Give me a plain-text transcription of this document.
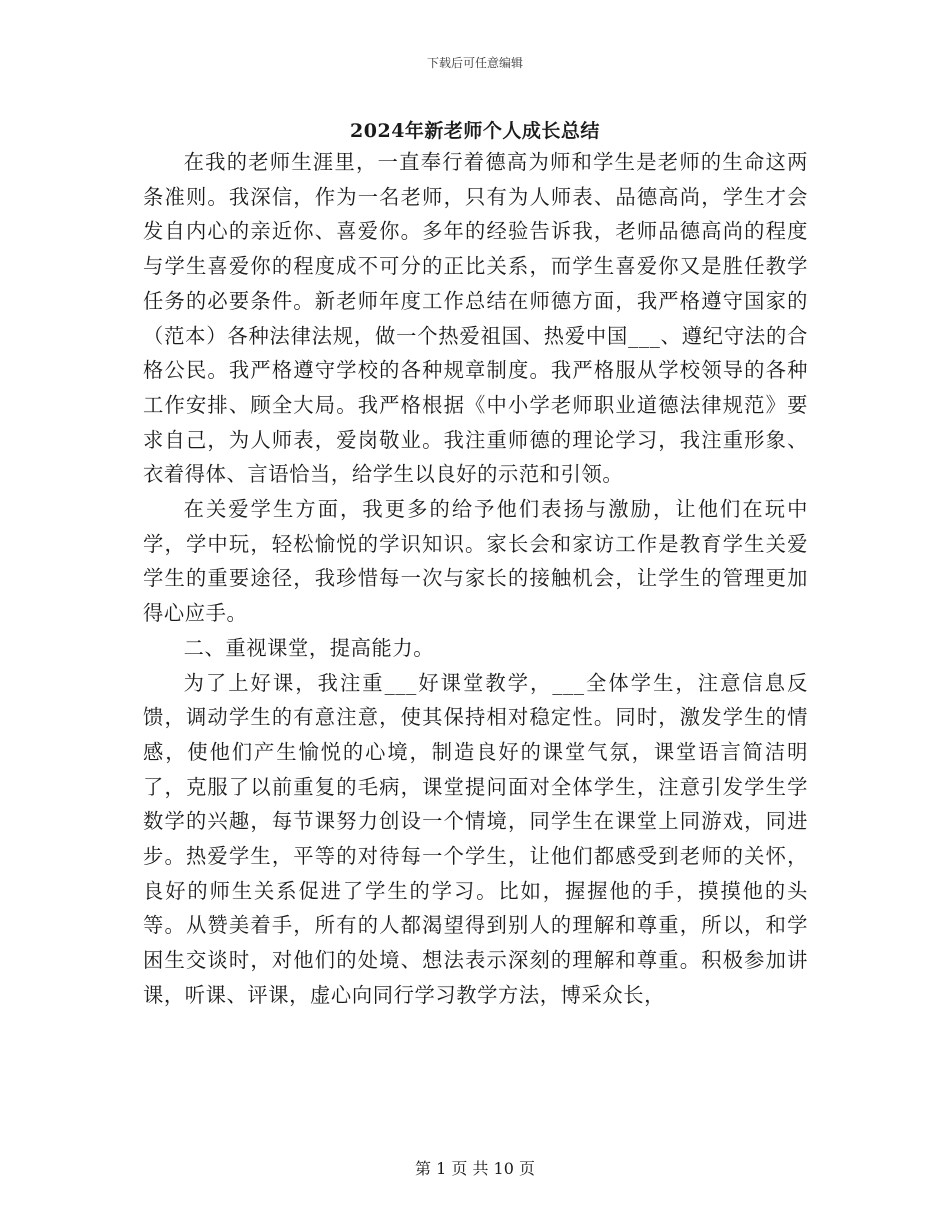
下载后可任意编辑
2024年新老师个人成长总结

在我的老师生涯里，一直奉行着德高为师和学生是老师的生命这两条准则。我深信，作为一名老师，只有为人师表、品德高尚，学生才会发自内心的亲近你、喜爱你。多年的经验告诉我，老师品德高尚的程度与学生喜爱你的程度成不可分的正比关系，而学生喜爱你又是胜任教学任务的必要条件。新老师年度工作总结在师德方面，我严格遵守国家的（范本）各种法律法规，做一个热爱祖国、热爱中国___、遵纪守法的合格公民。我严格遵守学校的各种规章制度。我严格服从学校领导的各种工作安排、顾全大局。我严格根据《中小学老师职业道德法律规范》要求自己，为人师表，爱岗敬业。我注重师德的理论学习，我注重形象、衣着得体、言语恰当，给学生以良好的示范和引领。

在关爱学生方面，我更多的给予他们表扬与激励，让他们在玩中学，学中玩，轻松愉悦的学识知识。家长会和家访工作是教育学生关爱学生的重要途径，我珍惜每一次与家长的接触机会，让学生的管理更加得心应手。

二、重视课堂，提高能力。

为了上好课，我注重___好课堂教学，___全体学生，注意信息反馈，调动学生的有意注意，使其保持相对稳定性。同时，激发学生的情感，使他们产生愉悦的心境，制造良好的课堂气氛，课堂语言简洁明了，克服了以前重复的毛病，课堂提问面对全体学生，注意引发学生学数学的兴趣，每节课努力创设一个情境，同学生在课堂上同游戏，同进步。热爱学生，平等的对待每一个学生，让他们都感受到老师的关怀，良好的师生关系促进了学生的学习。比如，握握他的手，摸摸他的头等。从赞美着手，所有的人都渴望得到别人的理解和尊重，所以，和学困生交谈时，对他们的处境、想法表示深刻的理解和尊重。积极参加讲课，听课、评课，虚心向同行学习教学方法，博采众长，

第 1 页 共 10 页
